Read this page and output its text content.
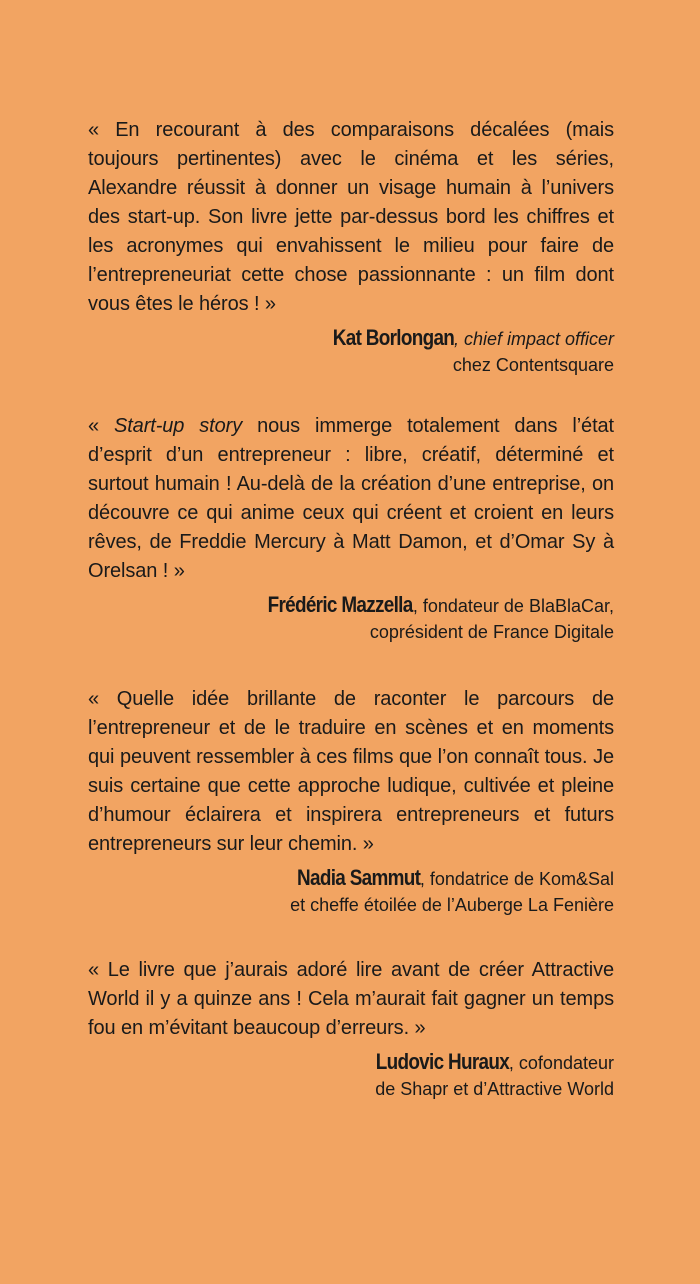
« En recourant à des comparaisons décalées (mais toujours pertinentes) avec le cinéma et les séries, Alexandre réussit à donner un visage humain à l’univers des start-up. Son livre jette par-dessus bord les chiffres et les acronymes qui envahissent le milieu pour faire de l’entrepreneuriat cette chose passionnante : un film dont vous êtes le héros ! »

Kat Borlongan, chief impact officer
chez Contentsquare

« Start-up story nous immerge totalement dans l’état d’esprit d’un entrepreneur : libre, créatif, déterminé et surtout humain ! Au-delà de la création d’une entreprise, on découvre ce qui anime ceux qui créent et croient en leurs rêves, de Freddie Mercury à Matt Damon, et d’Omar Sy à Orelsan ! »

Frédéric Mazzella, fondateur de BlaBlaCar,
coprésident de France Digitale

« Quelle idée brillante de raconter le parcours de l’entrepreneur et de le traduire en scènes et en moments qui peuvent ressembler à ces films que l’on connaît tous. Je suis certaine que cette approche ludique, cultivée et pleine d’humour éclairera et inspirera entrepreneurs et futurs entrepreneurs sur leur chemin. »

Nadia Sammut, fondatrice de Kom&Sal
et cheffe étoilée de l’Auberge La Fenière

« Le livre que j’aurais adoré lire avant de créer Attractive World il y a quinze ans ! Cela m’aurait fait gagner un temps fou en m’évitant beaucoup d’erreurs. »

Ludovic Huraux, cofondateur
de Shapr et d’Attractive World
